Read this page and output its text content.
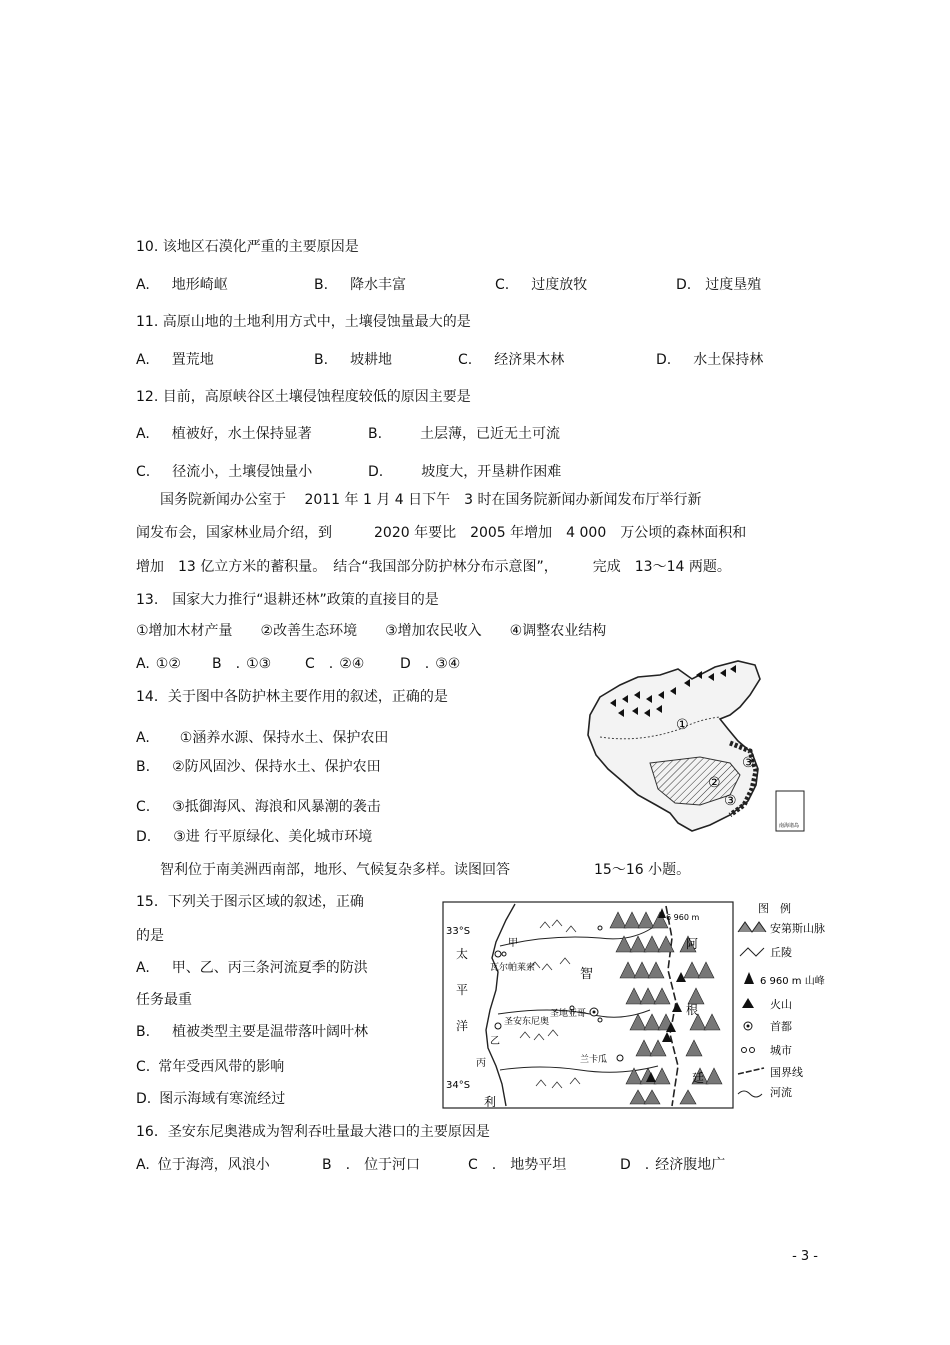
10. 该地区石漠化严重的主要原因是
A. 地形崎岖	B. 降水丰富	C. 过度放牧	D. 过度垦殖
11. 高原山地的土地利用方式中，土壤侵蚀量最大的是
A. 置荒地	B. 坡耕地	C. 经济果木林	D. 水土保持林
12. 目前，高原峡谷区土壤侵蚀程度较低的原因主要是
A. 植被好，水土保持显著	B.	土层薄，已近无土可流
C. 径流小，土壤侵蚀量小	D.	坡度大，开垦耕作困难
国务院新闻办公室于　 2011 年 1 月 4 日下午　3 时在国务院新闻办新闻发布厅举行新
闻发布会，国家林业局介绍，到　　　2020 年要比　2005 年增加　4 000　万公顷的森林面积和
增加　13 亿立方米的蓄积量。　结合“我国部分防护林分布示意图”，　　　完成　13～14 两题。
13.　国家大力推行“退耕还林”政策的直接目的是
①增加木材产量　　②改善生态环境　　③增加农民收入　　④调整农业结构
A. ①② B　. ①③ C　. ②④	D　. ③④
14．关于图中各防护林主要作用的叙述，正确的是
A. ①涵养水源、保持水土、保护农田
B. ②防风固沙、保持水土、保护农田
C. ③抵御海风、海浪和风暴潮的袭击
D. ③进 行平原绿化、美化城市环境
①
②
③
③
南海诸岛
智利位于南美洲西南部，地形、气候复杂多样。读图回答　　　　　　15～16 小题。
15．下列关于图示区域的叙述，正确
的是
A. 甲、乙、丙三条河流夏季的防洪
任务最重
B. 植被类型主要是温带落叶阔叶林
C. 常年受西风带的影响
D. 图示海域有寒流经过
6 960 m
33°S
34°S
太
平
洋
甲
乙
丙
瓦尔帕莱索
圣地亚哥
圣安东尼奥
兰卡瓜
智
利
阿
根
廷
图　例
安第斯山脉
丘陵
6 960 m 山峰
火山
首都
城市
国界线
河流
16．圣安东尼奥港成为智利吞吐量最大港口的主要原因是
A. 位于海湾，风浪小	B　. 位于河口	C　. 地势平坦	D　. 经济腹地广
- 3 -
